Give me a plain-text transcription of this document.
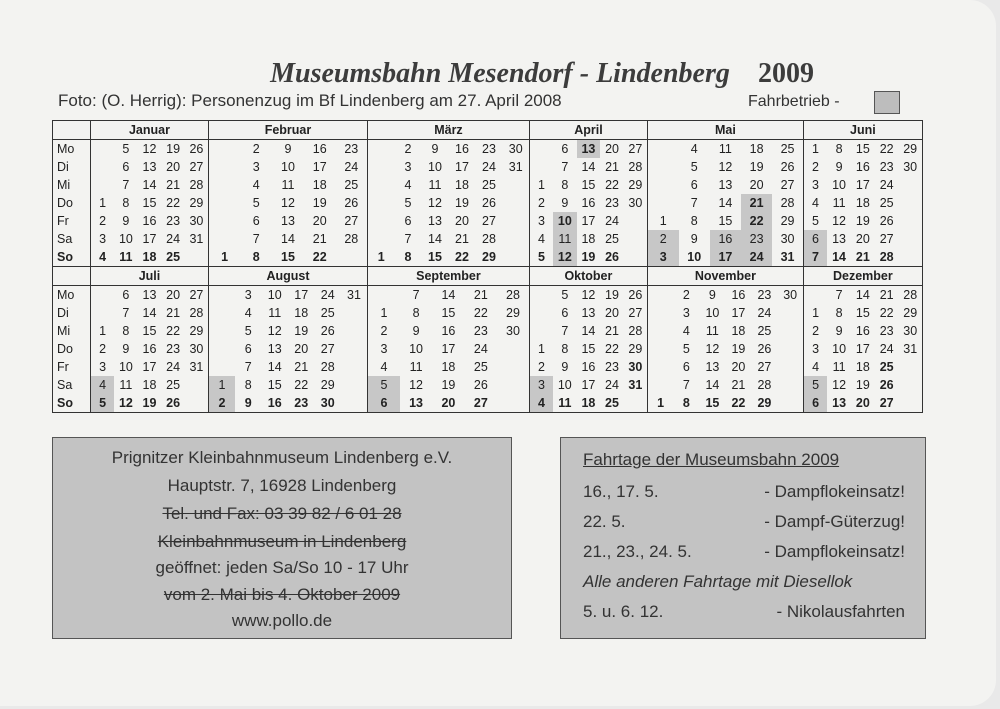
Museumsbahn Mesendorf - Lindenberg	2009
Foto: (O. Herrig): Personenzug im Bf Lindenberg am 27. April 2008	Fahrbetrieb -
	Januar					Februar					März						April					Mai					Juni				
Mo		5	12	19	26		2	9	16	23		2	9	16	23	30		6	13	20	27		4	11	18	25	1	8	15	22	29
Di		6	13	20	27		3	10	17	24		3	10	17	24	31		7	14	21	28		5	12	19	26	2	9	16	23	30
Mi		7	14	21	28		4	11	18	25		4	11	18	25		1	8	15	22	29		6	13	20	27	3	10	17	24	
Do	1	8	15	22	29		5	12	19	26		5	12	19	26		2	9	16	23	30		7	14	21	28	4	11	18	25	
Fr	2	9	16	23	30		6	13	20	27		6	13	20	27		3	10	17	24		1	8	15	22	29	5	12	19	26	
Sa	3	10	17	24	31		7	14	21	28		7	14	21	28		4	11	18	25		2	9	16	23	30	6	13	20	27	
So	4	11	18	25		1	8	15	22		1	8	15	22	29		5	12	19	26		3	10	17	24	31	7	14	21	28	
	Juli					August						September					Oktober					November						Dezember				
Mo		6	13	20	27		3	10	17	24	31		7	14	21	28		5	12	19	26		2	9	16	23	30		7	14	21	28
Di		7	14	21	28		4	11	18	25		1	8	15	22	29		6	13	20	27		3	10	17	24		1	8	15	22	29
Mi	1	8	15	22	29		5	12	19	26		2	9	16	23	30		7	14	21	28		4	11	18	25		2	9	16	23	30
Do	2	9	16	23	30		6	13	20	27		3	10	17	24		1	8	15	22	29		5	12	19	26		3	10	17	24	31
Fr	3	10	17	24	31		7	14	21	28		4	11	18	25		2	9	16	23	30		6	13	20	27		4	11	18	25	
Sa	4	11	18	25		1	8	15	22	29		5	12	19	26		3	10	17	24	31		7	14	21	28		5	12	19	26	
So	5	12	19	26		2	9	16	23	30		6	13	20	27		4	11	18	25		1	8	15	22	29		6	13	20	27	
Prignitzer Kleinbahnmuseum Lindenberg e.V.
Hauptstr. 7, 16928 Lindenberg
Tel. und Fax: 03 39 82 / 6 01 28
Kleinbahnmuseum in Lindenberg
geöffnet: jeden Sa/So 10 - 17 Uhr
vom 2. Mai bis 4. Oktober 2009
www.pollo.de
Fahrtage der Museumsbahn 2009
16., 17. 5.	- Dampflokeinsatz!
22. 5.	- Dampf-Güterzug!
21., 23., 24. 5.	- Dampflokeinsatz!
Alle anderen Fahrtage mit Diesellok
5. u. 6. 12.	- Nikolausfahrten
